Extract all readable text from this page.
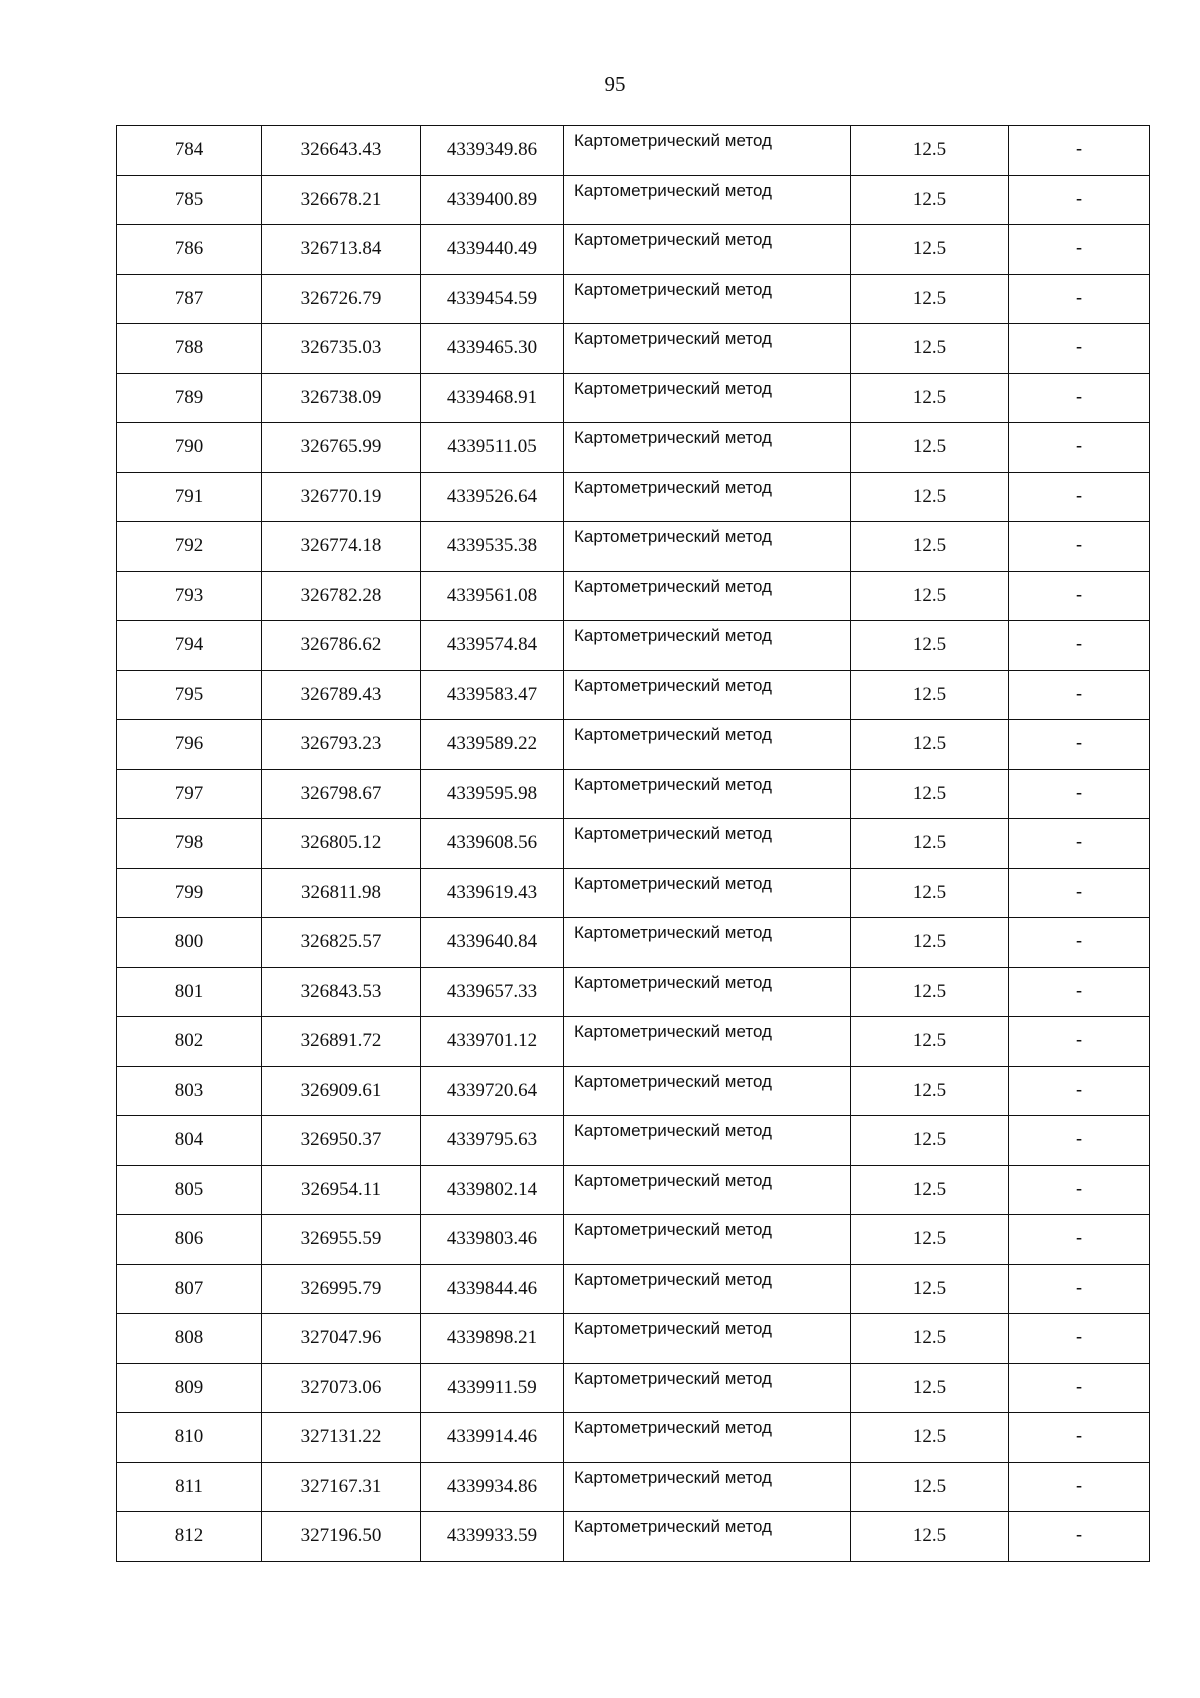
95
784	326643.43	4339349.86	Картометрический метод	12.5	-
785	326678.21	4339400.89	Картометрический метод	12.5	-
786	326713.84	4339440.49	Картометрический метод	12.5	-
787	326726.79	4339454.59	Картометрический метод	12.5	-
788	326735.03	4339465.30	Картометрический метод	12.5	-
789	326738.09	4339468.91	Картометрический метод	12.5	-
790	326765.99	4339511.05	Картометрический метод	12.5	-
791	326770.19	4339526.64	Картометрический метод	12.5	-
792	326774.18	4339535.38	Картометрический метод	12.5	-
793	326782.28	4339561.08	Картометрический метод	12.5	-
794	326786.62	4339574.84	Картометрический метод	12.5	-
795	326789.43	4339583.47	Картометрический метод	12.5	-
796	326793.23	4339589.22	Картометрический метод	12.5	-
797	326798.67	4339595.98	Картометрический метод	12.5	-
798	326805.12	4339608.56	Картометрический метод	12.5	-
799	326811.98	4339619.43	Картометрический метод	12.5	-
800	326825.57	4339640.84	Картометрический метод	12.5	-
801	326843.53	4339657.33	Картометрический метод	12.5	-
802	326891.72	4339701.12	Картометрический метод	12.5	-
803	326909.61	4339720.64	Картометрический метод	12.5	-
804	326950.37	4339795.63	Картометрический метод	12.5	-
805	326954.11	4339802.14	Картометрический метод	12.5	-
806	326955.59	4339803.46	Картометрический метод	12.5	-
807	326995.79	4339844.46	Картометрический метод	12.5	-
808	327047.96	4339898.21	Картометрический метод	12.5	-
809	327073.06	4339911.59	Картометрический метод	12.5	-
810	327131.22	4339914.46	Картометрический метод	12.5	-
811	327167.31	4339934.86	Картометрический метод	12.5	-
812	327196.50	4339933.59	Картометрический метод	12.5	-
